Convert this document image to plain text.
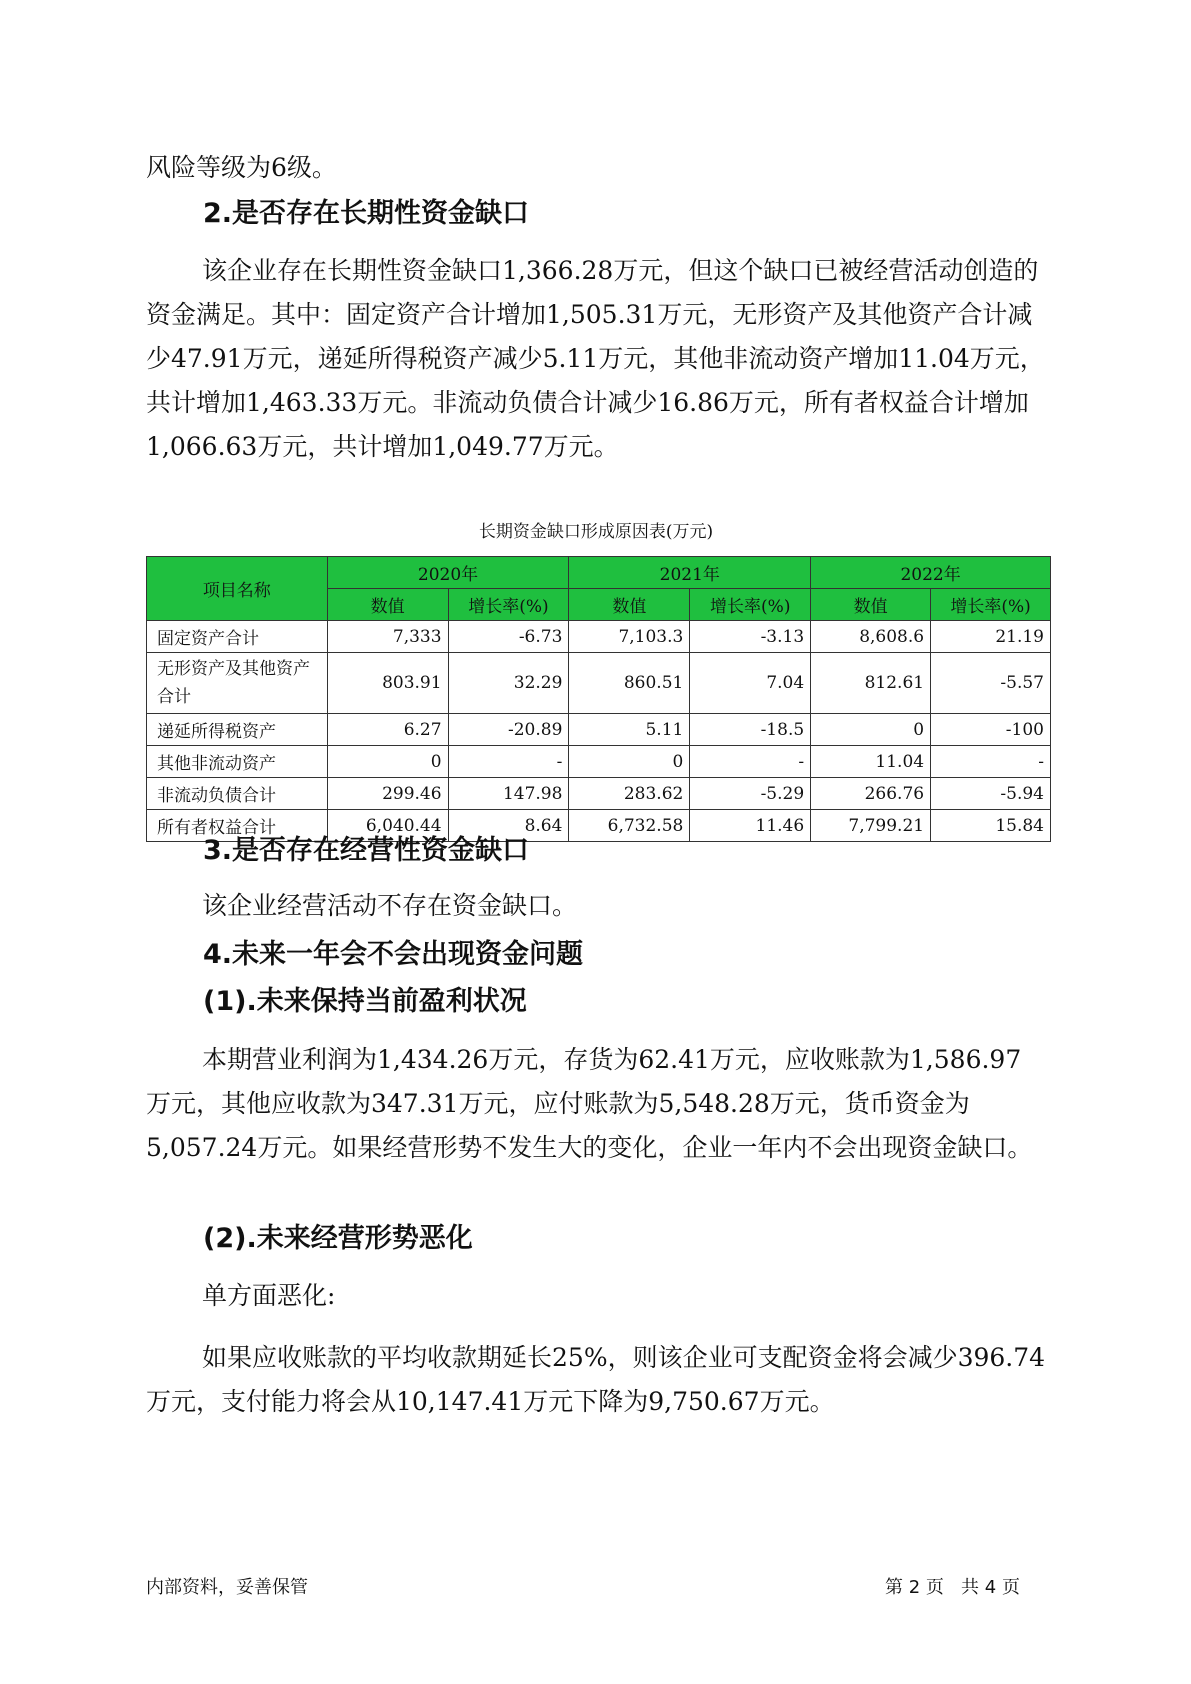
风险等级为6级。

2.是否存在长期性资金缺口

该企业存在长期性资金缺口1,366.28万元，但这个缺口已被经营活动创造的资金满足。其中：固定资产合计增加1,505.31万元，无形资产及其他资产合计减少47.91万元，递延所得税资产减少5.11万元，其他非流动资产增加11.04万元，共计增加1,463.33万元。非流动负债合计减少16.86万元，所有者权益合计增加1,066.63万元，共计增加1,049.77万元。

长期资金缺口形成原因表(万元)

项目名称	2020年		2021年		2022年	
	数值	增长率(%)	数值	增长率(%)	数值	增长率(%)
固定资产合计	7,333	-6.73	7,103.3	-3.13	8,608.6	21.19
无形资产及其他资产合计	803.91	32.29	860.51	7.04	812.61	-5.57
递延所得税资产	6.27	-20.89	5.11	-18.5	0	-100
其他非流动资产	0	-	0	-	11.04	-
非流动负债合计	299.46	147.98	283.62	-5.29	266.76	-5.94
所有者权益合计	6,040.44	8.64	6,732.58	11.46	7,799.21	15.84
3.是否存在经营性资金缺口

该企业经营活动不存在资金缺口。

4.未来一年会不会出现资金问题
(1).未来保持当前盈利状况

本期营业利润为1,434.26万元，存货为62.41万元，应收账款为1,586.97万元，其他应收款为347.31万元，应付账款为5,548.28万元，货币资金为5,057.24万元。如果经营形势不发生大的变化，企业一年内不会出现资金缺口。

(2).未来经营形势恶化

单方面恶化:

如果应收账款的平均收款期延长25%，则该企业可支配资金将会减少396.74万元，支付能力将会从10,147.41万元下降为9,750.67万元。

内部资料，妥善保管	第 2 页   共 4 页
